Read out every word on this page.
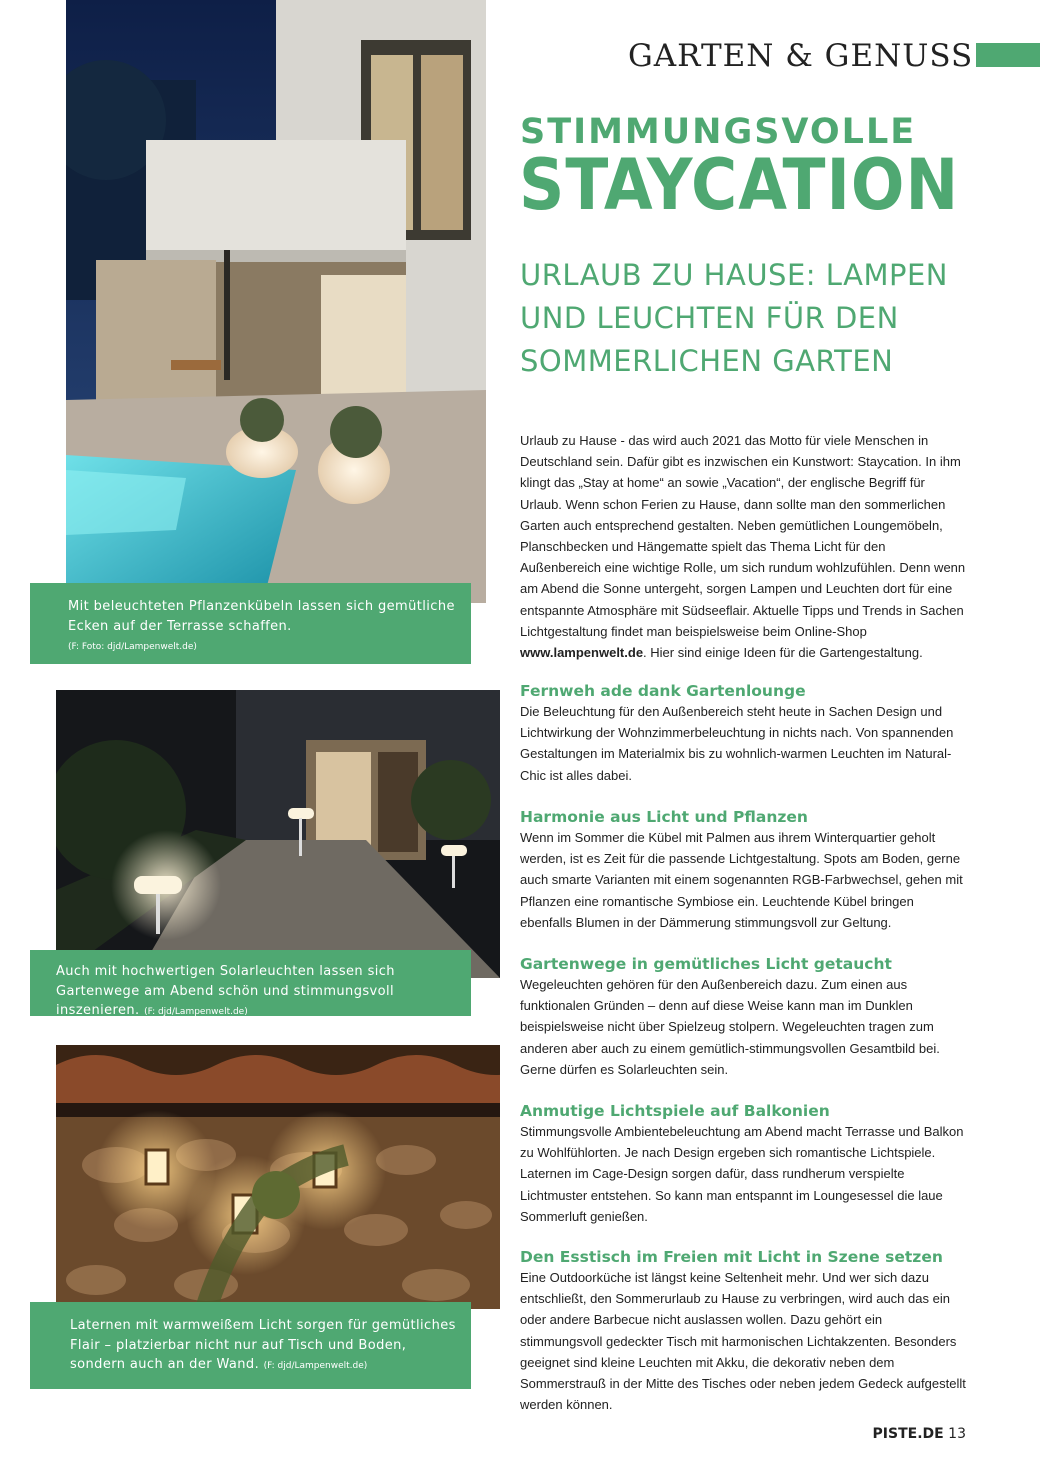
Mit beleuchteten Pflanzenkübeln lassen sich gemütliche Ecken auf der Terrasse schaffen.
(F: Foto: djd/Lampenwelt.de)
Auch mit hochwertigen Solarleuchten lassen sich Gartenwege am Abend schön und stimmungsvoll inszenieren. (F: djd/Lampenwelt.de)
Laternen mit warmweißem Licht sorgen für gemütliches Flair – platzierbar nicht nur auf Tisch und Boden, sondern auch an der Wand. (F: djd/Lampenwelt.de)
GARTEN & GENUSS
STIMMUNGSVOLLE
STAYCATION
URLAUB ZU HAUSE: LAMPEN UND LEUCHTEN FÜR DEN SOMMERLICHEN GARTEN

Urlaub zu Hause - das wird auch 2021 das Motto für viele Menschen in Deutschland sein. Dafür gibt es inzwischen ein Kunstwort: Staycation. In ihm klingt das „Stay at home“ an sowie „Vacation“, der englische Begriff für Urlaub. Wenn schon Ferien zu Hause, dann sollte man den sommerlichen Garten auch entsprechend gestalten. Neben gemütlichen Loungemöbeln, Planschbecken und Hängematte spielt das Thema Licht für den Außenbereich eine wichtige Rolle, um sich rundum wohlzufühlen. Denn wenn am Abend die Sonne untergeht, sorgen Lampen und Leuchten dort für eine entspannte Atmosphäre mit Südseeflair. Aktuelle Tipps und Trends in Sachen Lichtgestaltung findet man beispielsweise beim Online-Shop www.lampenwelt.de. Hier sind einige Ideen für die Gartengestaltung.

Fernweh ade dank Gartenlounge

Die Beleuchtung für den Außenbereich steht heute in Sachen Design und Lichtwirkung der Wohnzimmerbeleuchtung in nichts nach. Von spannenden Gestaltungen im Materialmix bis zu wohnlich-warmen Leuchten im Natural-Chic ist alles dabei.

Harmonie aus Licht und Pflanzen

Wenn im Sommer die Kübel mit Palmen aus ihrem Winterquartier geholt werden, ist es Zeit für die passende Lichtgestaltung. Spots am Boden, gerne auch smarte Varianten mit einem sogenannten RGB-Farbwechsel, gehen mit Pflanzen eine romantische Symbiose ein. Leuchtende Kübel bringen ebenfalls Blumen in der Dämmerung stimmungsvoll zur Geltung.

Gartenwege in gemütliches Licht getaucht

Wegeleuchten gehören für den Außenbereich dazu. Zum einen aus funktionalen Gründen – denn auf diese Weise kann man im Dunklen beispielsweise nicht über Spielzeug stolpern. Wegeleuchten tragen zum anderen aber auch zu einem gemütlich-stimmungsvollen Gesamtbild bei. Gerne dürfen es Solarleuchten sein.

Anmutige Lichtspiele auf Balkonien

Stimmungsvolle Ambientebeleuchtung am Abend macht Terrasse und Balkon zu Wohlfühlorten. Je nach Design ergeben sich romantische Lichtspiele. Laternen im Cage-Design sorgen dafür, dass rundherum verspielte Lichtmuster entstehen. So kann man entspannt im Loungesessel die laue Sommerluft genießen.

Den Esstisch im Freien mit Licht in Szene setzen

Eine Outdoorküche ist längst keine Seltenheit mehr. Und wer sich dazu entschließt, den Sommerurlaub zu Hause zu verbringen, wird auch das ein oder andere Barbecue nicht auslassen wollen. Dazu gehört ein stimmungsvoll gedeckter Tisch mit harmonischen Lichtakzenten. Besonders geeignet sind kleine Leuchten mit Akku, die dekorativ neben dem Sommerstrauß in der Mitte des Tisches oder neben jedem Gedeck aufgestellt werden können.

PISTE.DE 13
